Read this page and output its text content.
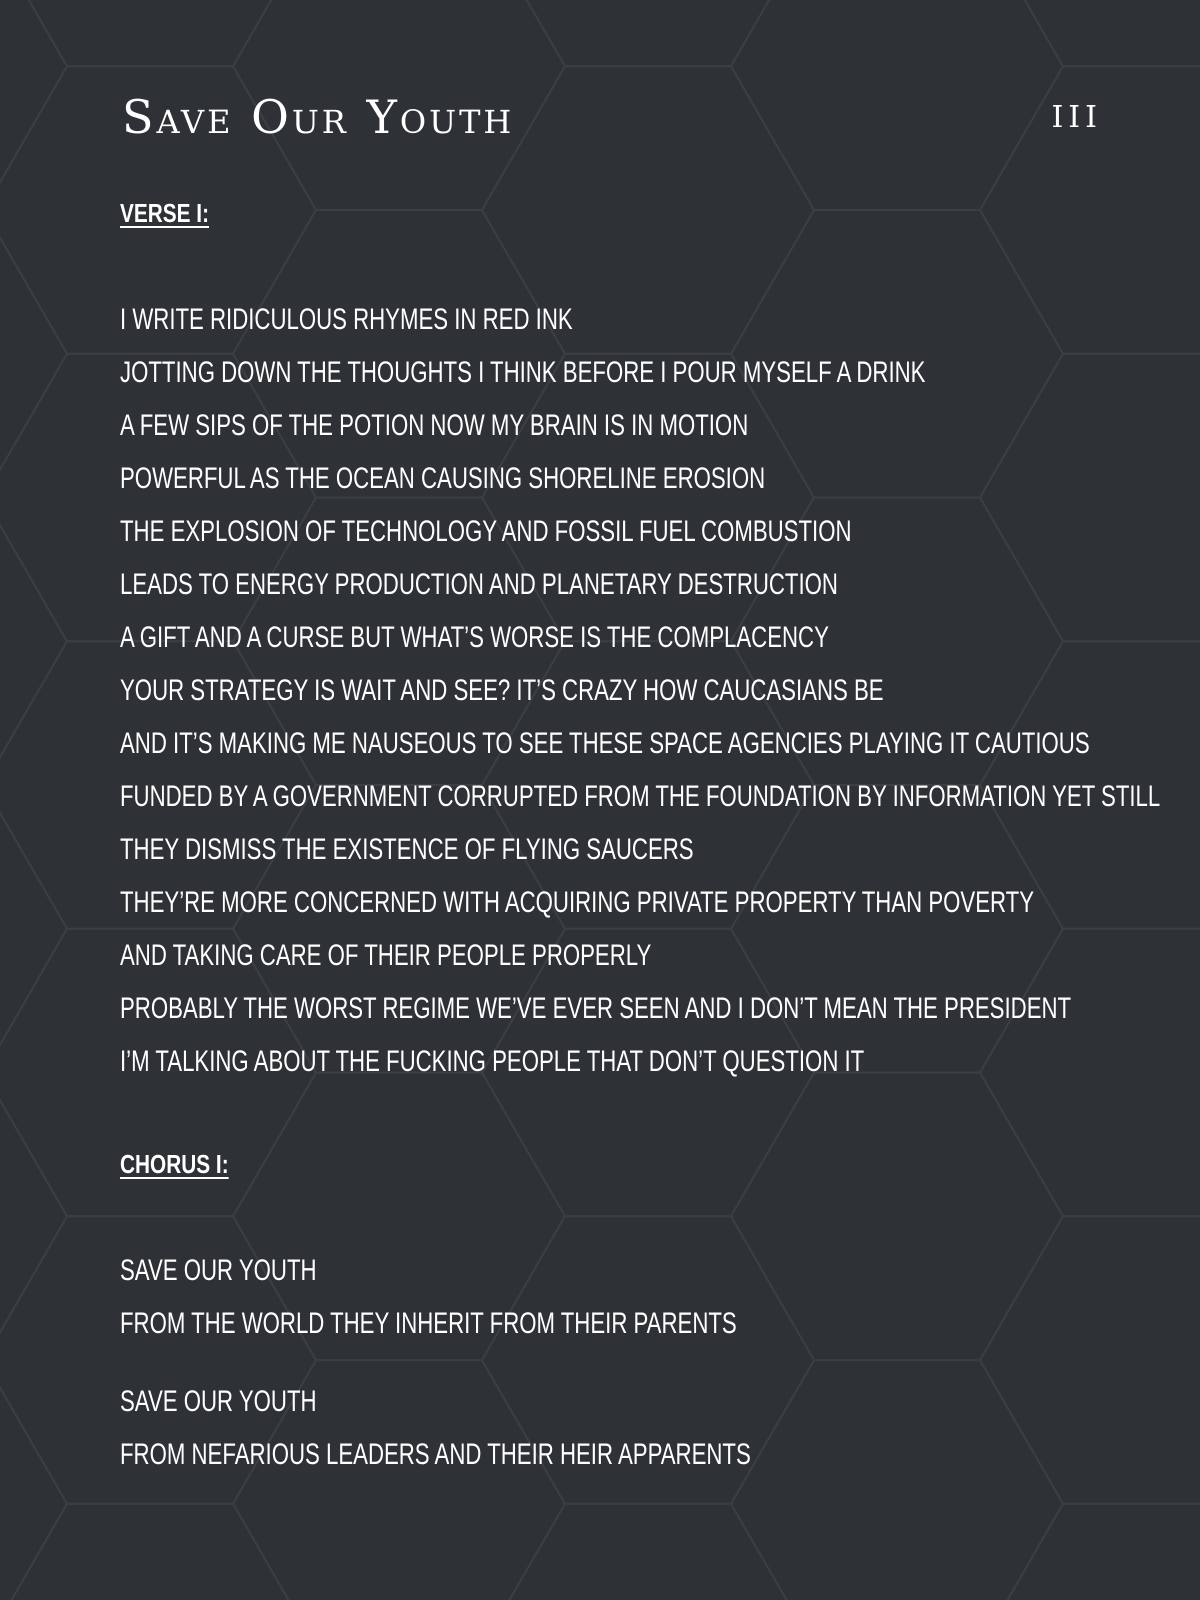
Save Our Youth	III
VERSE I:

I WRITE RIDICULOUS RHYMES IN RED INK

JOTTING DOWN THE THOUGHTS I THINK BEFORE I POUR MYSELF A DRINK

A FEW SIPS OF THE POTION NOW MY BRAIN IS IN MOTION

POWERFUL AS THE OCEAN CAUSING SHORELINE EROSION

THE EXPLOSION OF TECHNOLOGY AND FOSSIL FUEL COMBUSTION

LEADS TO ENERGY PRODUCTION AND PLANETARY DESTRUCTION

A GIFT AND A CURSE BUT WHAT’S WORSE IS THE COMPLACENCY

YOUR STRATEGY IS WAIT AND SEE? IT’S CRAZY HOW CAUCASIANS BE

AND IT’S MAKING ME NAUSEOUS TO SEE THESE SPACE AGENCIES PLAYING IT CAUTIOUS

FUNDED BY A GOVERNMENT CORRUPTED FROM THE FOUNDATION BY INFORMATION YET STILL

THEY DISMISS THE EXISTENCE OF FLYING SAUCERS

THEY’RE MORE CONCERNED WITH ACQUIRING PRIVATE PROPERTY THAN POVERTY

AND TAKING CARE OF THEIR PEOPLE PROPERLY

PROBABLY THE WORST REGIME WE’VE EVER SEEN AND I DON’T MEAN THE PRESIDENT

I’M TALKING ABOUT THE FUCKING PEOPLE THAT DON’T QUESTION IT

CHORUS I:

SAVE OUR YOUTH

FROM THE WORLD THEY INHERIT FROM THEIR PARENTS

SAVE OUR YOUTH

FROM NEFARIOUS LEADERS AND THEIR HEIR APPARENTS
